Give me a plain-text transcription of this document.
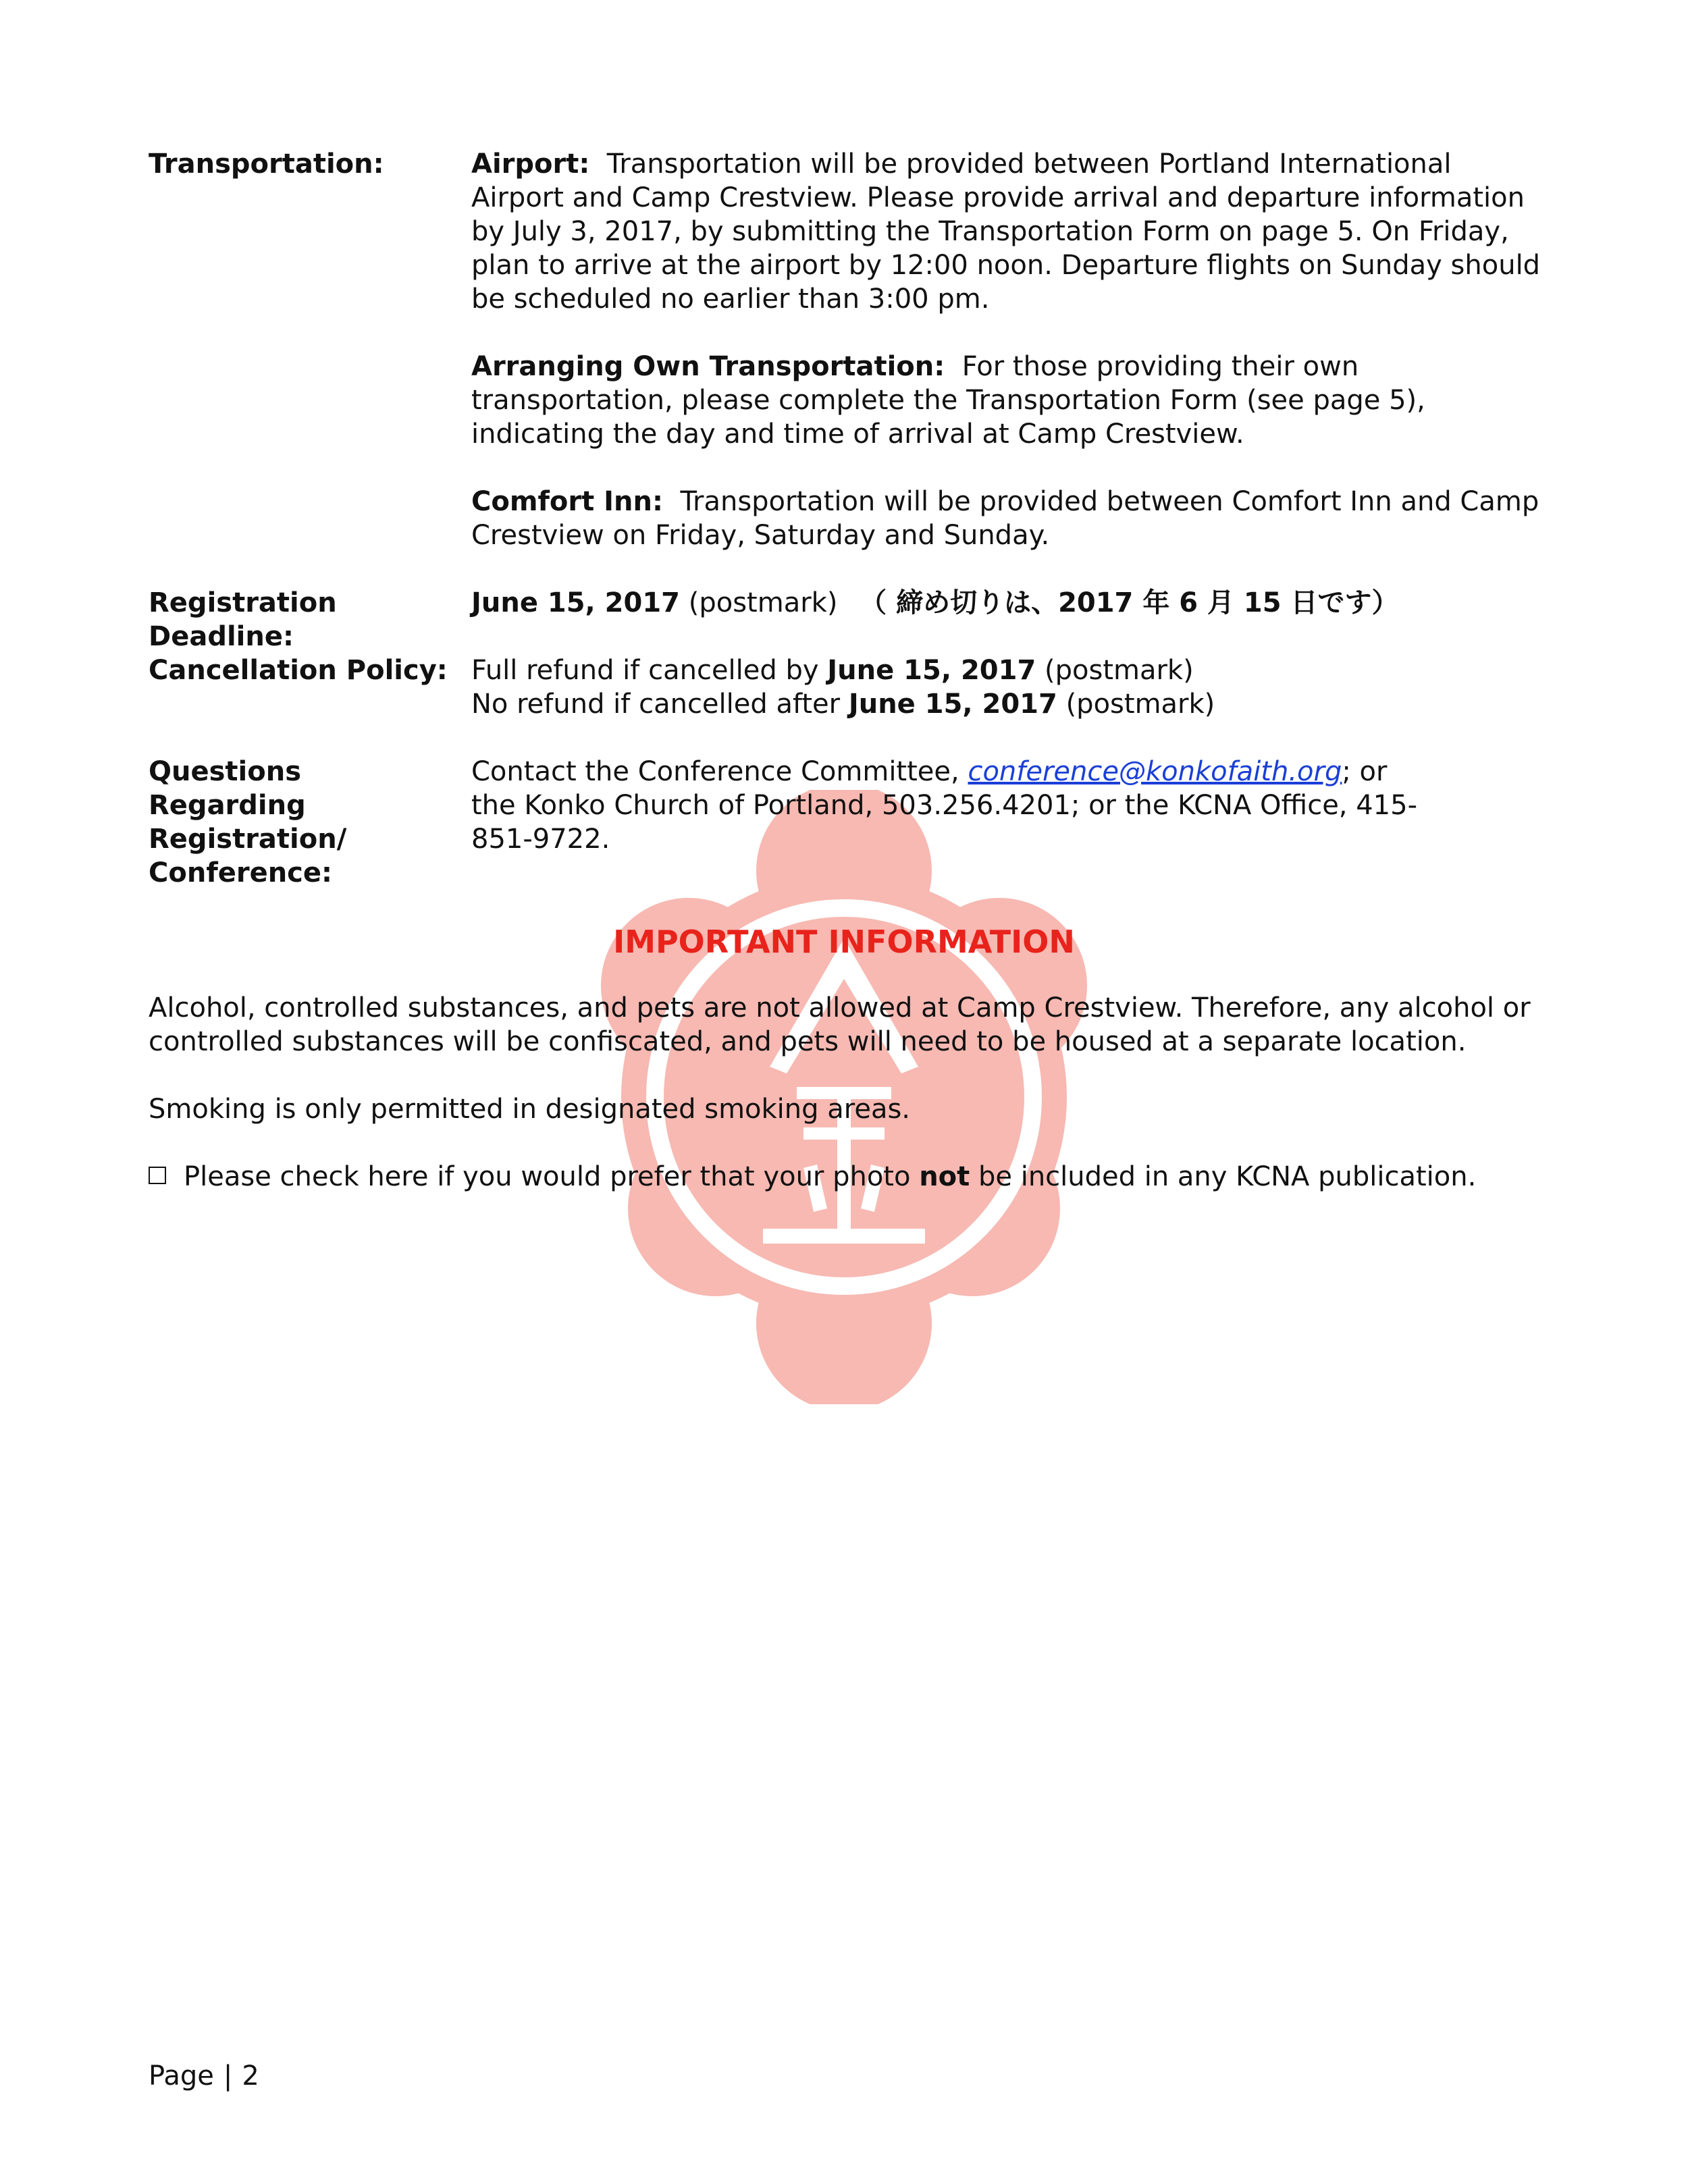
Transportation:	Airport: Transportation will be provided between Portland International Airport and Camp Crestview. Please provide arrival and departure information by July 3, 2017, by submitting the Transportation Form on page 5. On Friday, plan to arrive at the airport by 12:00 noon. Departure flights on Sunday should be scheduled no earlier than 3:00 pm.

Arranging Own Transportation: For those providing their own transportation, please complete the Transportation Form (see page 5), indicating the day and time of arrival at Camp Crestview.

Comfort Inn: Transportation will be provided between Comfort Inn and Camp Crestview on Friday, Saturday and Sunday.

Registration Deadline:
June 15, 2017 (postmark) （ 締め切りは、2017 年 6 月 15 日です）
Cancellation Policy: Full refund if cancelled by June 15, 2017 (postmark)

No refund if cancelled after June 15, 2017 (postmark)

Questions Regarding
Registration/
Conference:
Contact the Conference Committee, conference@konkofaith.org; or the Konko Church of Portland, 503.256.4201; or the KCNA Office, 415-851-9722.
IMPORTANT INFORMATION

Alcohol, controlled substances, and pets are not allowed at Camp Crestview. Therefore, any alcohol or controlled substances will be confiscated, and pets will need to be housed at a separate location.

Smoking is only permitted in designated smoking areas.

Please check here if you would prefer that your photo not be included in any KCNA publication.

Page | 2
